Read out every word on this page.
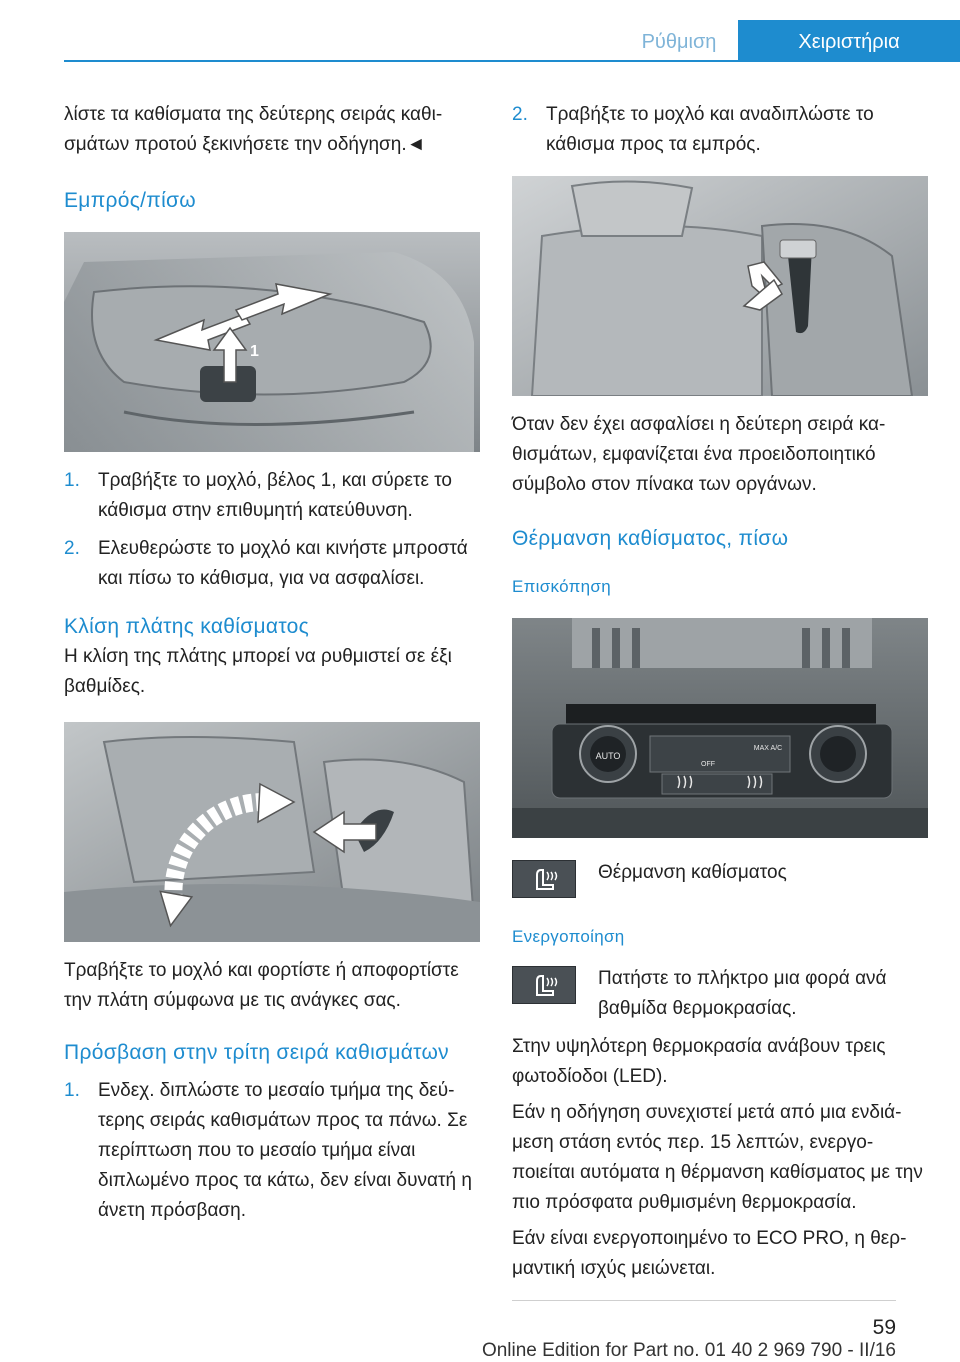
Ρύθμιση	Χειριστήρια

λίστε τα καθίσματα της δεύτερης σειράς καθισμάτων προτού ξεκινήσετε την οδήγηση.◄

Εμπρός/πίσω
1
1. Τραβήξτε το μοχλό, βέλος 1, και σύρετε το κάθισμα στην επιθυμητή κατεύθυνση.
2. Ελευθερώστε το μοχλό και κινήστε μπροστά και πίσω το κάθισμα, για να ασφαλίσει.
Κλίση πλάτης καθίσματος

Η κλίση της πλάτης μπορεί να ρυθμιστεί σε έξι βαθμίδες.

Τραβήξτε το μοχλό και φορτίστε ή αποφορτίστε την πλάτη σύμφωνα με τις ανάγκες σας.

Πρόσβαση στην τρίτη σειρά καθισμάτων
1. Ενδεχ. διπλώστε το μεσαίο τμήμα της δεύτερης σειράς καθισμάτων προς τα πάνω. Σε περίπτωση που το μεσαίο τμήμα είναι διπλωμένο προς τα κάτω, δεν είναι δυνατή η άνετη πρόσβαση.
2. Τραβήξτε το μοχλό και αναδιπλώστε το κάθισμα προς τα εμπρός.

Όταν δεν έχει ασφαλίσει η δεύτερη σειρά καθισμάτων, εμφανίζεται ένα προειδοποιητικό σύμβολο στον πίνακα των οργάνων.

Θέρμανση καθίσματος, πίσω
Επισκόπηση
AUTO
OFF
MAX A/C
Θέρμανση καθίσματος
Ενεργοποίηση
Πατήστε το πλήκτρο μια φορά ανά βαθμίδα θερμοκρασίας.

Στην υψηλότερη θερμοκρασία ανάβουν τρεις φωτοδίοδοι (LED).

Εάν η οδήγηση συνεχιστεί μετά από μια ενδιάμεση στάση εντός περ. 15 λεπτών, ενεργοποιείται αυτόματα η θέρμανση καθίσματος με την πιο πρόσφατα ρυθμισμένη θερμοκρασία.

Εάν είναι ενεργοποιημένο το ECO PRO, η θερμαντική ισχύς μειώνεται.

59
Online Edition for Part no. 01 40 2 969 790 - II/16
